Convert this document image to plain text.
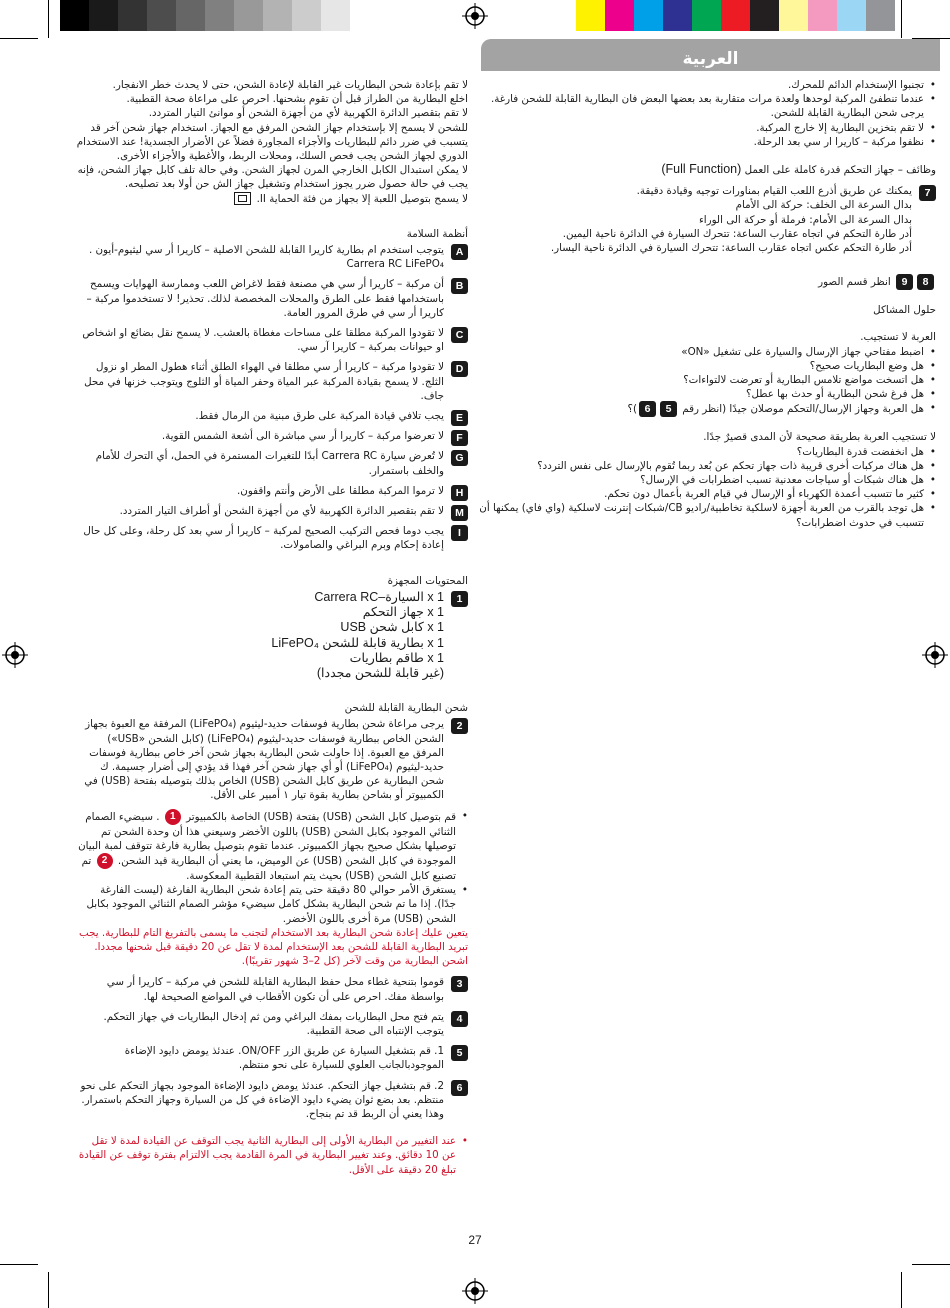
العربية

• تجنبوا الإستخدام الدائم للمحرك.

• عندما تنطفئ المركبة لوحدها ولعدة مرات متقاربة بعد بعضها البعض فان البطارية القابلة للشحن فارغة. يرجى شحن البطارية القابلة للشحن.

• لا تقم بتخزين البطارية إلا خارج المركبة.

• نظفوا مركبة – كاريرا ار سي بعد الرحلة.

وظائف – جهاز التحكم قدرة كاملة على العمل (Full Function)

7

يمكنك عن طريق أذرع اللعب القيام بمناورات توجيه وقيادة دقيقة.

بدال السرعة الى الخلف: حركة الى الأمام

بدال السرعة الى الأمام: فرملة أو حركة الى الوراء

أدر طارة التحكم في اتجاه عقارب الساعة: تتحرك السيارة في الدائرة ناحية اليمين.

أدر طارة التحكم عكس اتجاه عقارب الساعة: تتحرك السيارة في الدائرة ناحية اليسار.

89 انظر قسم الصور

حلول المشاكل

العربة لا تستجيب.

• اضبط مفتاحي جهاز الإرسال والسيارة على تشغيل «ON»

• هل وضع البطاريات صحيح؟

• هل اتسخت مواضع تلامس البطارية أو تعرضت لالتواءات؟

• هل فرغ شحن البطارية أو حدث بها عطل؟

• هل العربة وجهاز الإرسال/التحكم موصلان جيدًا (انظر رقم 56)؟

لا تستجيب العربة بطريقة صحيحة لأن المدى قصيرٌ جدًا.

• هل انخفضت قدرة البطاريات؟

• هل هناك مركبات أخرى قريبة ذات جهاز تحكم عن بُعد ربما تُقوم بالإرسال على نفس التردد؟

• هل هناك شبكات أو سياجات معدنية تسبب اضطرابات في الإرسال؟

• كثير ما تتسبب أعمدة الكهرباء أو الإرسال في قيام العربة بأعمال دون تحكم.

• هل توجد بالقرب من العربة أجهزة لاسلكية تخاطبية/راديو CB/شبكات إنترنت لاسلكية (واي فاي) يمكنها أن تتسبب في حدوث اضطرابات؟

لا تقم بإعادة شحن البطاريات غير القابلة لإعادة الشحن، حتى لا يحدث خطر الانفجار.

اخلع البطارية من الطراز قبل أن تقوم بشحنها. احرص على مراعاة صحة القطبية.

لا تقم بتقصير الدائرة الكهربية لأي من أجهزة الشحن أو موانئ التيار المتردد.

للشحن لا يسمح إلا بإستخدام جهاز الشحن المرفق مع الجهاز. استخدام جهاز شحن آخر قد يتسبب في ضرر دائم للبطاريات والأجزاء المجاورة فضلاً عن الأضرار الجسدية! عند الاستخدام الدوري لجهاز الشحن يجب فحص السلك، ومحلات الربط، والأغطية والأجزاء الأخرى.

لا يمكن استبدال الكابل الخارجي المرن لجهاز الشحن. وفي حالة تلف كابل جهاز الشحن، فإنه يجب في حالة حصول ضرر يجوز استخدام وتشغيل جهاز الش حن أولا بعد تصليحه.

لا يسمح بتوصيل اللعبة إلا بجهاز من فئة الحماية II.

أنظمة السلامة

A

يتوجب استخدم ام بطارية كاريرا القابلة للشحن الاصلية – كاريرا أر سي ليثيوم-أيون . Carrera RC LiFePO₄

B

أن مركبة – كاريرا أر سي هي مصنعة فقط لاغراض اللعب وممارسة الهوايات ويسمح باستخدامها فقط على الطرق والمحلات المخصصة لذلك. تحذير! لا تستخدموا مركبة – كاريرا أر سي في طرق المرور العامة.

C

لا تقودوا المركبة مطلقا على مساحات مغطاة بالعشب. لا يسمح نقل بضائع او اشخاص او حيوانات بمركبة – كاريرا آر سي.

D

لا تقودوا مركبة – كاريرا أر سي مطلقا في الهواء الطلق أثناء هطول المطر او نزول الثلج. لا يسمح بقيادة المركبة عبر المياة وحفر المياة أو الثلوج ويتوجب خزنها في محل جاف.

E

يجب تلافي قيادة المركبة على طرق مبنية من الرمال فقط.

F

لا تعرضوا مركبة – كاريرا أر سي مباشرة الى أشعة الشمس القوية.

G

لا تُعرض سيارة Carrera RC أبدًا للتغيرات المستمرة في الحمل، أي التحرك للأمام والخلف باستمرار.

H

لا ترموا المركبة مطلقا على الأرض وأنتم واقفون.

M

لا تقم بتقصير الدائرة الكهربية لأي من أجهزة الشحن أو أطراف التيار المتردد.

I

يجب دوما فحص التركيب الصحيح لمركبة – كاريرا أر سي بعد كل رحلة، وعلى كل حال إعادة إحكام وبرم البراغي والصامولات.

المحتويات المجهزة

1

1 x السيارة–Carrera RC

1 x جهاز التحكم

1 x كابل شحن USB

1 x بطارية قابلة للشحن LiFePO₄

1 x طاقم بطاريات

(غير قابلة للشحن مجددا)

شحن البطارية القابلة للشحن

2

يرجى مراعاة شحن بطارية فوسفات حديد-ليثيوم (LiFePO₄) المرفقة مع العبوة بجهاز الشحن الخاص ببطارية فوسفات حديد-ليثيوم (LiFePO₄) (كابل الشحن «USB») المرفق مع العبوة. إذا حاولت شحن البطارية بجهاز شحن آخر خاص ببطارية فوسفات حديد-ليثيوم (LiFePO₄) أو أي جهاز شحن آخر فهذا قد يؤدي إلى أضرار جسيمة. ك شحن البطارية عن طريق كابل الشحن (USB) الخاص بذلك بتوصيله بفتحة (USB) في الكمبيوتر أو بشاحن بطارية بقوة تيار ١ أمبير على الأقل.

• قم بتوصيل كابل الشحن (USB) بفتحة (USB) الخاصة بالكمبيوتر 1 . سيضيء الصمام الثنائي الموجود بكابل الشحن (USB) باللون الأخضر وسيعني هذا أن وحدة الشحن تم توصيلها بشكل صحيح بجهاز الكمبيوتر. عندما تقوم بتوصيل بطارية فارغة تتوقف لمبة البيان الموجودة في كابل الشحن (USB) عن الوميض، ما يعني أن البطارية قيد الشحن. 2 تم تصنيع كابل الشحن (USB) بحيث يتم استبعاد القطبية المعكوسة.

• يستغرق الأمر حوالي 80 دقيقة حتى يتم إعادة شحن البطارية الفارغة (ليست الفارغة جدًا). إذا ما تم شحن البطارية بشكل كامل سيضيء مؤشر الصمام الثنائي الموجود بكابل الشحن (USB) مرة أخرى باللون الأخضر.

يتعين عليك إعادة شحن البطارية بعد الاستخدام لتجنب ما يسمى بالتفريغ التام للبطارية. يجب تبريد البطارية القابلة للشحن بعد الإستخدام لمدة لا تقل عن 20 دقيقة قبل شحنها مجددا. اشحن البطارية من وقت لآخر (كل 2–3 شهور تقريبًا).

3

قوموا بتنحية غطاء محل حفظ البطارية القابلة للشحن في مركبة – كاريرا أر سي بواسطة مفك. احرص على أن تكون الأقطاب في المواضع الصحيحة لها.

4

يتم فتح محل البطاريات بمفك البراغي ومن ثم إدخال البطاريات في جهاز التحكم. يتوجب الإنتباه الى صحة القطبية.

5

1. قم بتشغيل السيارة عن طريق الزر ON/OFF. عندئذ يومض دايود الإضاءة الموجودبالجانب العلوي للسيارة على نحو منتظم.

6

2. قم بتشغيل جهاز التحكم. عندئذ يومض دايود الإضاءة الموجود بجهاز التحكم على نحو منتظم. بعد بضع ثوان يضيء دايود الإضاءة في كل من السيارة وجهاز التحكم باستمرار. وهذا يعني أن الربط قد تم بنجاح.

• عند التغيير من البطارية الأولى إلى البطارية الثانية يجب التوقف عن القيادة لمدة لا تقل عن 10 دقائق. وعند تغيير البطارية في المرة القادمة يجب الالتزام بفترة توقف عن القيادة تبلغ 20 دقيقة على الأقل.

27
